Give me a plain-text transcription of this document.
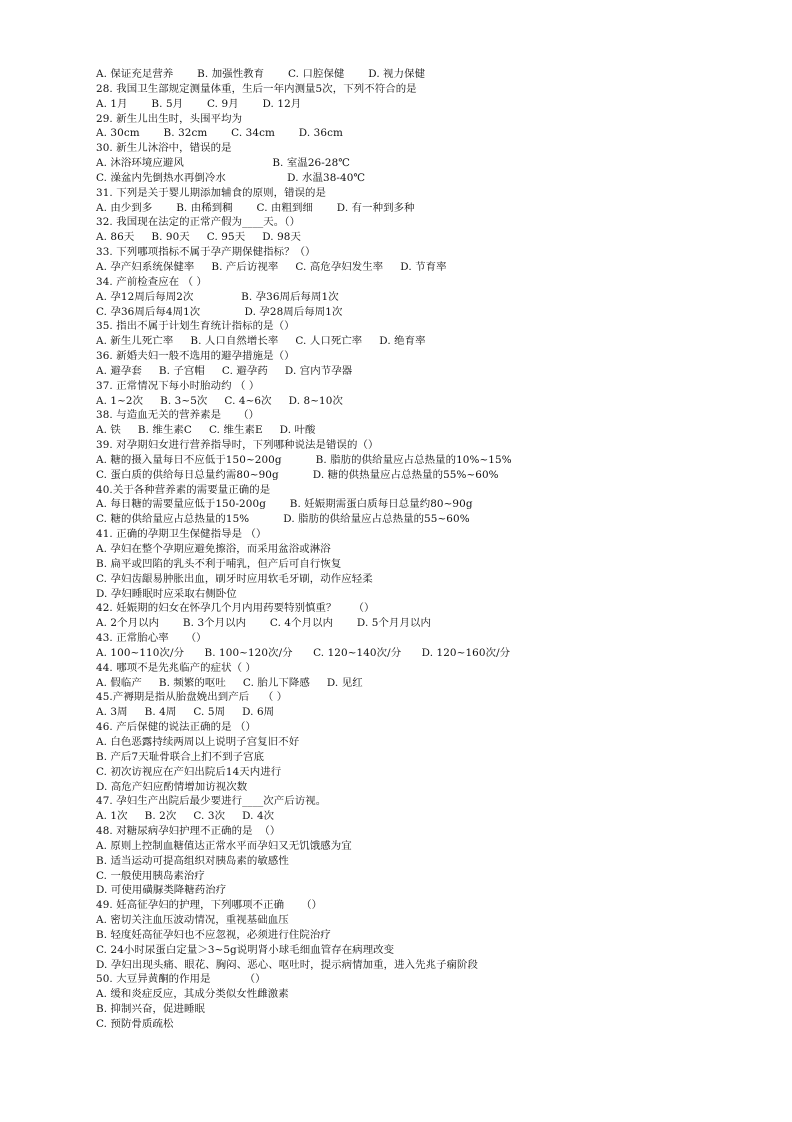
A. 保证充足营养       B. 加强性教育       C. 口腔保健       D. 视力保健
28. 我国卫生部规定测量体重，生后一年内测量5次，下列不符合的是
A. 1月       B. 5月       C. 9月       D. 12月
29. 新生儿出生时，头围平均为
A. 30cm       B. 32cm       C. 34cm       D. 36cm
30. 新生儿沐浴中，错误的是
A. 沐浴环境应避风                          B. 室温26-28℃
C. 澡盆内先倒热水再倒冷水                  D. 水温38-40℃
31. 下列是关于婴儿期添加辅食的原则，错误的是
A. 由少到多       B. 由稀到稠       C. 由粗到细       D. 有一种到多种
32. 我国现在法定的正常产假为____天。（）
A. 86天     B. 90天     C. 95天     D. 98天
33. 下列哪项指标不属于孕产期保健指标？（）
A. 孕产妇系统保健率     B. 产后访视率     C. 高危孕妇发生率     D. 节育率
34. 产前检查应在 （ ）
A. 孕12周后每周2次              B. 孕36周后每周1次
C. 孕36周后每4周1次             D. 孕28周后每周1次
35. 指出不属于计划生育统计指标的是（）
A. 新生儿死亡率     B. 人口自然增长率     C. 人口死亡率     D. 绝育率
36. 新婚夫妇一般不选用的避孕措施是（）
A. 避孕套     B. 子宫帽     C. 避孕药     D. 宫内节孕器
37. 正常情况下每小时胎动约 （ ）
A. 1~2次     B. 3~5次     C. 4~6次     D. 8~10次
38. 与造血无关的营养素是     （）
A. 铁     B. 维生素C     C. 维生素E     D. 叶酸
39. 对孕期妇女进行营养指导时，下列哪种说法是错误的（）
A. 糖的摄入量每日不应低于150~200g          B. 脂肪的供给量应占总热量的10%~15%
C. 蛋白质的供给每日总量约需80~90g          D. 糖的供热量应占总热量的55%~60%
40.关于各种营养素的需要量正确的是
A. 每日糖的需要量应低于150-200g       B. 妊娠期需蛋白质每日总量约80~90g
C. 糖的供给量应占总热量的15%          D. 脂肪的供给量应占总热量的55~60%
41. 正确的孕期卫生保健指导是 （）
A. 孕妇在整个孕期应避免擦浴，而采用盆浴或淋浴
B. 扁平或凹陷的乳头不利于哺乳，但产后可自行恢复
C. 孕妇齿龈易肿胀出血，刷牙时应用软毛牙刷，动作应轻柔
D. 孕妇睡眠时应采取右侧卧位
42. 妊娠期的妇女在怀孕几个月内用药要特别慎重？     （）
A. 2个月以内       B. 3个月以内       C. 4个月以内       D. 5个月月以内
43. 正常胎心率     （）
A. 100~110次/分      B. 100~120次/分      C. 120~140次/分      D. 120~160次/分
44. 哪项不是先兆临产的症状（ ）
A. 假临产     B. 频繁的呕吐     C. 胎儿下降感     D. 见红
45.产褥期是指从胎盘娩出到产后    （ ）
A. 3周     B. 4周     C. 5周     D. 6周
46. 产后保健的说法正确的是 （）
A. 白色恶露持续两周以上说明子宫复旧不好
B. 产后7天耻骨联合上扪不到子宫底
C. 初次访视应在产妇出院后14天内进行
D. 高危产妇应酌情增加访视次数
47. 孕妇生产出院后最少要进行____次产后访视。
A. 1次     B. 2次     C. 3次     D. 4次
48. 对糖尿病孕妇护理不正确的是  （）
A. 原则上控制血糖值达正常水平而孕妇又无饥饿感为宜
B. 适当运动可提高组织对胰岛素的敏感性
C. 一般使用胰岛素治疗
D. 可使用磺脲类降糖药治疗
49. 妊高征孕妇的护理，下列哪项不正确     （）
A. 密切关注血压波动情况，重视基础血压
B. 轻度妊高征孕妇也不应忽视，必须进行住院治疗
C. 24小时尿蛋白定量＞3~5g说明肾小球毛细血管存在病理改变
D. 孕妇出现头痛、眼花、胸闷、恶心、呕吐时，提示病情加重，进入先兆子痫阶段
50. 大豆异黄酮的作用是          （）
A. 缓和炎症反应，其成分类似女性雌激素
B. 抑制兴奋，促进睡眠
C. 预防骨质疏松
